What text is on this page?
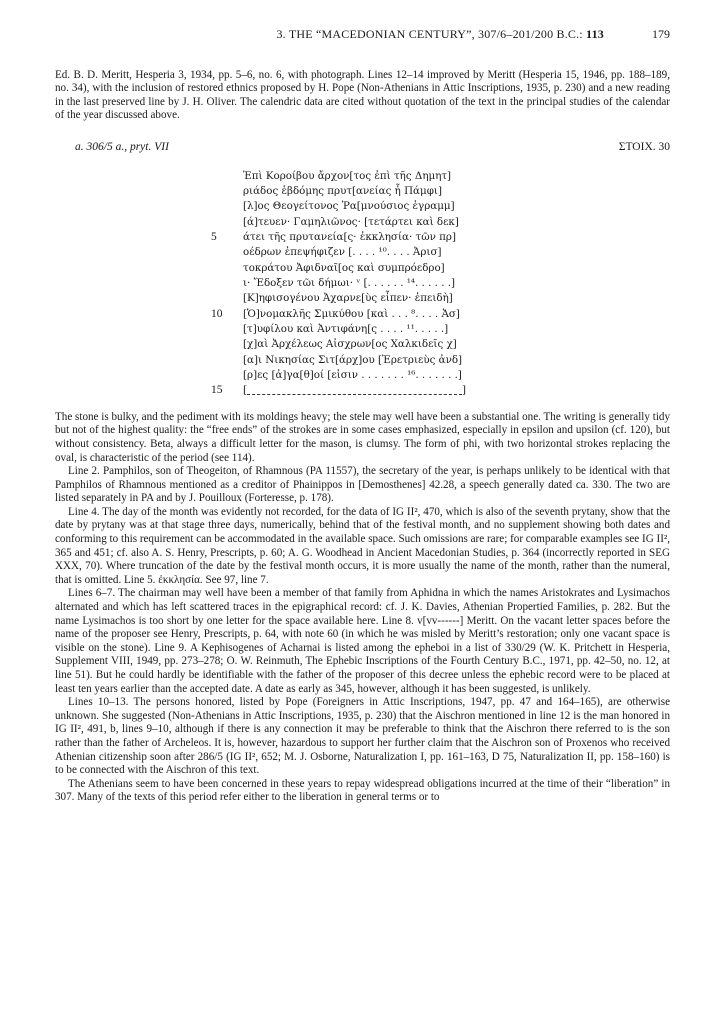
3. THE “MACEDONIAN CENTURY”, 307/6–201/200 B.C.: 113	179
Ed. B. D. Meritt, Hesperia 3, 1934, pp. 5–6, no. 6, with photograph. Lines 12–14 improved by Meritt (Hesperia 15, 1946, pp. 188–189, no. 34), with the inclusion of restored ethnics proposed by H. Pope (Non-Athenians in Attic Inscriptions, 1935, p. 230) and a new reading in the last preserved line by J. H. Oliver. The calendric data are cited without quotation of the text in the principal studies of the calendar of the year discussed above.
a. 306/5 a., pryt. VII	ΣΤΟΙΧ. 30
Ἐπὶ Κοροίβου ἄρχον[τος ἐπὶ τῆς Δημητ]
ριάδος ἑβδόμης πρυτ[ανείας ἧ Πάμφι]
[λ]ος Θεογείτονος Ῥα[μνούσιος ἐγραμμ]
[ά]τευεν· Γαμηλιῶνος· [τετάρτει καὶ δεκ]
5	άτει τῆς πρυτανεία[ς· ἐκκλησία· τῶν πρ]
οέδρων ἐπεψήφιζεν [. . . . ¹⁰. . . . Ἀρισ]
τοκράτου Ἀφιδναῖ[ος καὶ συμπρόεδρο]
ι· Ἔδοξεν τῶι δήμωι· ᵛ [. . . . . . ¹⁴. . . . . .]
[Κ]ηφισογένου Ἀχαρνε[ὺς εἶπεν· ἐπειδὴ]
10 [Ὁ]νομακλῆς Σμικύθου [καὶ . . . ⁸. . . . Ἀσ]
[τ]υφίλου καὶ Ἀντιφάνη[ς . . . . ¹¹. . . . .]
[χ]αὶ Ἀρχέλεως Αἰσχρων[ος Χαλκιδεῖς χ]
[α]ι Νικησίας Σιτ[άρχ]ου [Ἐρετριεὺς ἀνδ]
[ρ]ες [ἀ]γα[θ]οί [εἰσιν . . . . . . . ¹⁶. . . . . . .]
15 [	]

The stone is bulky, and the pediment with its moldings heavy; the stele may well have been a substantial one. The writing is generally tidy but not of the highest quality: the “free ends” of the strokes are in some cases emphasized, especially in epsilon and upsilon (cf. 120), but without consistency. Beta, always a difficult letter for the mason, is clumsy. The form of phi, with two horizontal strokes replacing the oval, is characteristic of the period (see 114).

Line 2. Pamphilos, son of Theogeiton, of Rhamnous (PA 11557), the secretary of the year, is perhaps unlikely to be identical with that Pamphilos of Rhamnous mentioned as a creditor of Phainippos in [Demosthenes] 42.28, a speech generally dated ca. 330. The two are listed separately in PA and by J. Pouilloux (Forteresse, p. 178).

Line 4. The day of the month was evidently not recorded, for the data of IG II², 470, which is also of the seventh prytany, show that the date by prytany was at that stage three days, numerically, behind that of the festival month, and no supplement showing both dates and conforming to this requirement can be accommodated in the available space. Such omissions are rare; for comparable examples see IG II², 365 and 451; cf. also A. S. Henry, Prescripts, p. 60; A. G. Woodhead in Ancient Macedonian Studies, p. 364 (incorrectly reported in SEG XXX, 70). Where truncation of the date by the festival month occurs, it is more usually the name of the month, rather than the numeral, that is omitted. Line 5. ἐκκλησία. See 97, line 7.

Lines 6–7. The chairman may well have been a member of that family from Aphidna in which the names Aristokrates and Lysimachos alternated and which has left scattered traces in the epigraphical record: cf. J. K. Davies, Athenian Propertied Families, p. 282. But the name Lysimachos is too short by one letter for the space available here. Line 8. v[vv------] Meritt. On the vacant letter spaces before the name of the proposer see Henry, Prescripts, p. 64, with note 60 (in which he was misled by Meritt’s restoration; only one vacant space is visible on the stone). Line 9. A Kephisogenes of Acharnai is listed among the epheboi in a list of 330/29 (W. K. Pritchett in Hesperia, Supplement VIII, 1949, pp. 273–278; O. W. Reinmuth, The Ephebic Inscriptions of the Fourth Century B.C., 1971, pp. 42–50, no. 12, at line 51). But he could hardly be identifiable with the father of the proposer of this decree unless the ephebic record were to be placed at least ten years earlier than the accepted date. A date as early as 345, however, although it has been suggested, is unlikely.

Lines 10–13. The persons honored, listed by Pope (Foreigners in Attic Inscriptions, 1947, pp. 47 and 164–165), are otherwise unknown. She suggested (Non-Athenians in Attic Inscriptions, 1935, p. 230) that the Aischron mentioned in line 12 is the man honored in IG II², 491, b, lines 9–10, although if there is any connection it may be preferable to think that the Aischron there referred to is the son rather than the father of Archeleos. It is, however, hazardous to support her further claim that the Aischron son of Proxenos who received Athenian citizenship soon after 286/5 (IG II², 652; M. J. Osborne, Naturalization I, pp. 161–163, D 75, Naturalization II, pp. 158–160) is to be connected with the Aischron of this text.

The Athenians seem to have been concerned in these years to repay widespread obligations incurred at the time of their “liberation” in 307. Many of the texts of this period refer either to the liberation in general terms or to
